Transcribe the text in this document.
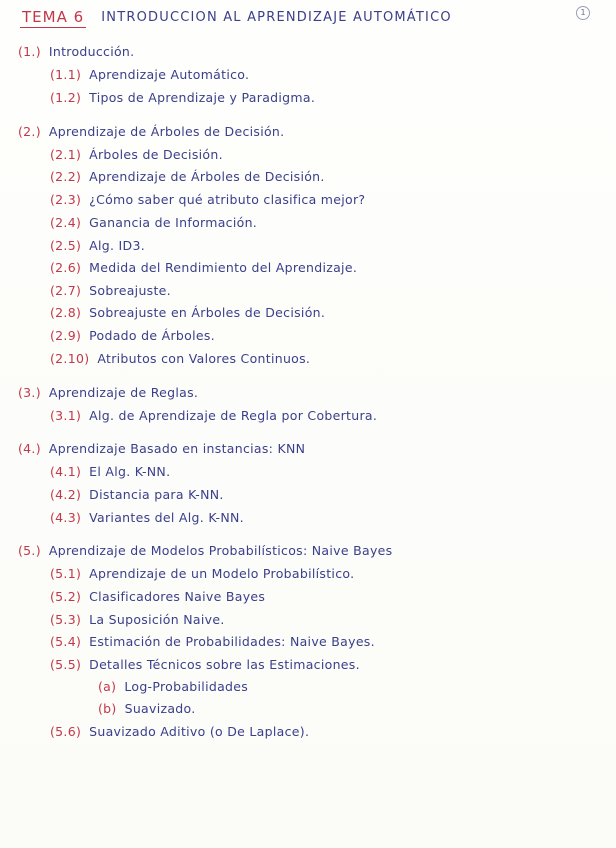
TEMA 6 INTRODUCCION AL APRENDIZAJE AUTOMÁTICO	1
(1.) Introducción.
(1.1) Aprendizaje Automático.
(1.2) Tipos de Aprendizaje y Paradigma.
(2.) Aprendizaje de Árboles de Decisión.
(2.1) Árboles de Decisión.
(2.2) Aprendizaje de Árboles de Decisión.
(2.3) ¿Cómo saber qué atributo clasifica mejor?
(2.4) Ganancia de Información.
(2.5) Alg. ID3.
(2.6) Medida del Rendimiento del Aprendizaje.
(2.7) Sobreajuste.
(2.8) Sobreajuste en Árboles de Decisión.
(2.9) Podado de Árboles.
(2.10) Atributos con Valores Continuos.
(3.) Aprendizaje de Reglas.
(3.1) Alg. de Aprendizaje de Regla por Cobertura.
(4.) Aprendizaje Basado en instancias: KNN
(4.1) El Alg. K-NN.
(4.2) Distancia para K-NN.
(4.3) Variantes del Alg. K-NN.
(5.) Aprendizaje de Modelos Probabilísticos: Naive Bayes
(5.1) Aprendizaje de un Modelo Probabilístico.
(5.2) Clasificadores Naive Bayes
(5.3) La Suposición Naive.
(5.4) Estimación de Probabilidades: Naive Bayes.
(5.5) Detalles Técnicos sobre las Estimaciones.
(a) Log-Probabilidades
(b) Suavizado.
(5.6) Suavizado Aditivo (o De Laplace).
